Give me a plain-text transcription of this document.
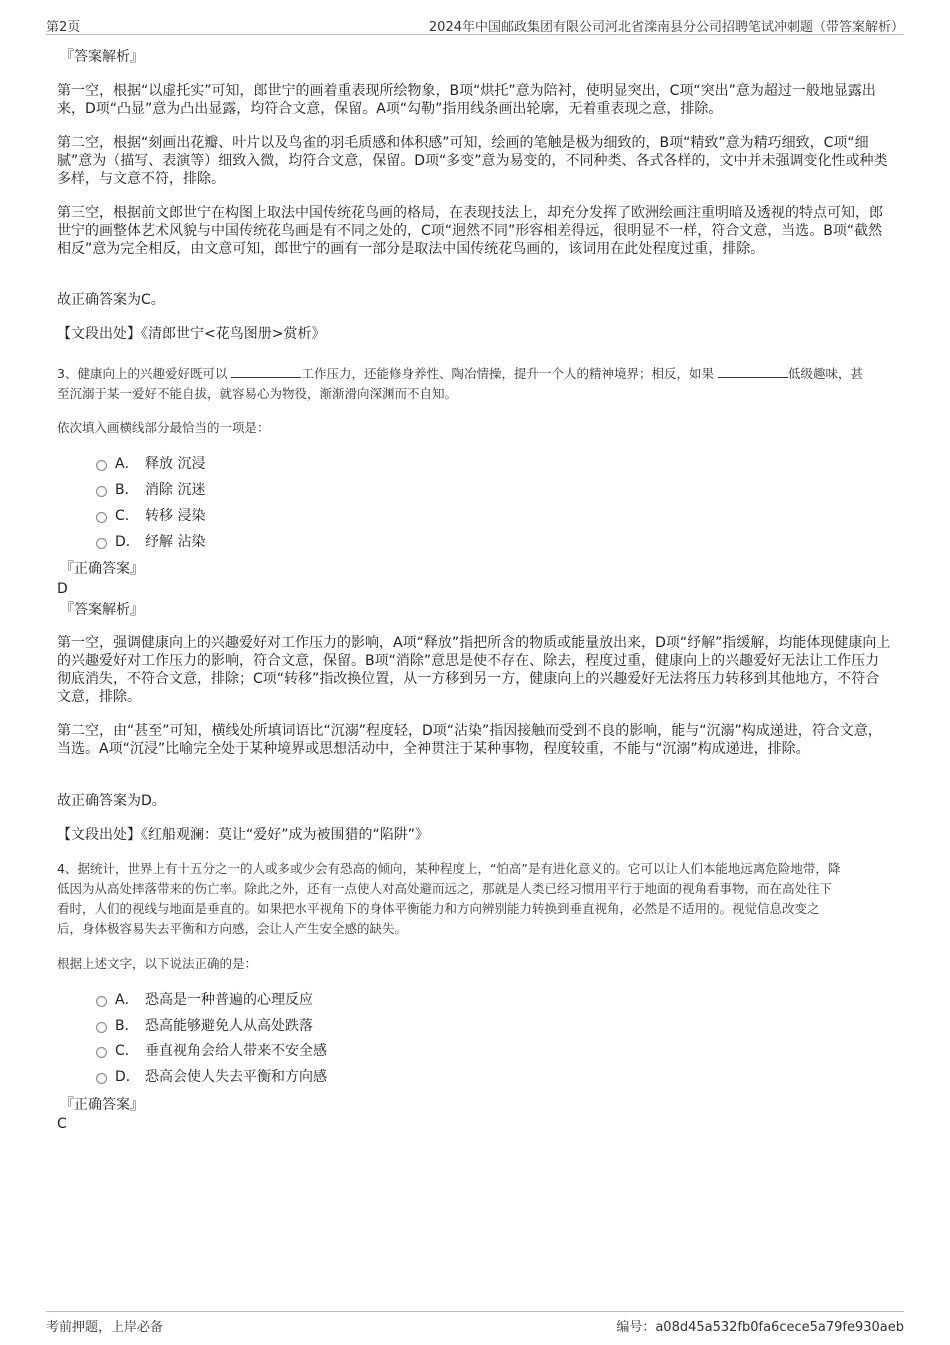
第2页	2024年中国邮政集团有限公司河北省滦南县分公司招聘笔试冲刺题（带答案解析）
『答案解析』

第一空，根据“以虚托实”可知，郎世宁的画着重表现所绘物象，B项“烘托”意为陪衬，使明显突出，C项“突出”意为超过一般地显露出来，D项“凸显”意为凸出显露，均符合文意，保留。A项“勾勒”指用线条画出轮廓，无着重表现之意，排除。

第二空，根据“刻画出花瓣、叶片以及鸟雀的羽毛质感和体积感”可知，绘画的笔触是极为细致的，B项“精致”意为精巧细致，C项“细腻”意为（描写、表演等）细致入微，均符合文意，保留。D项“多变”意为易变的，不同种类、各式各样的，文中并未强调变化性或种类多样，与文意不符，排除。

第三空，根据前文郎世宁在构图上取法中国传统花鸟画的格局，在表现技法上，却充分发挥了欧洲绘画注重明暗及透视的特点可知，郎世宁的画整体艺术风貌与中国传统花鸟画是有不同之处的，C项“迥然不同”形容相差得远，很明显不一样，符合文意，当选。B项“截然相反”意为完全相反，由文意可知，郎世宁的画有一部分是取法中国传统花鸟画的，该词用在此处程度过重，排除。

故正确答案为C。

【文段出处】《清郎世宁<花鸟图册>赏析》

3、健康向上的兴趣爱好既可以	工作压力，还能修身养性、陶冶情操，提升一个人的精神境界；相反，如果	低级趣味，甚
至沉溺于某一爱好不能自拔，就容易心为物役，渐渐滑向深渊而不自知。

依次填入画横线部分最恰当的一项是：

A． 释放 沉浸
B． 消除 沉迷
C． 转移 浸染
D． 纾解 沾染
『正确答案』
D
『答案解析』

第一空，强调健康向上的兴趣爱好对工作压力的影响，A项“释放”指把所含的物质或能量放出来，D项“纾解”指缓解，均能体现健康向上的兴趣爱好对工作压力的影响，符合文意，保留。B项“消除”意思是使不存在、除去，程度过重，健康向上的兴趣爱好无法让工作压力彻底消失，不符合文意，排除；C项“转移”指改换位置，从一方移到另一方，健康向上的兴趣爱好无法将压力转移到其他地方，不符合文意，排除。

第二空，由“甚至”可知，横线处所填词语比“沉溺”程度轻，D项“沾染”指因接触而受到不良的影响，能与“沉溺”构成递进，符合文意，当选。A项“沉浸”比喻完全处于某种境界或思想活动中，全神贯注于某种事物，程度较重，不能与“沉溺”构成递进，排除。

故正确答案为D。

【文段出处】《红船观澜：莫让“爱好”成为被围猎的“陷阱”》

4、据统计，世界上有十五分之一的人或多或少会有恐高的倾向，某种程度上，“怕高”是有进化意义的。它可以让人们本能地远离危险地带，降
低因为从高处摔落带来的伤亡率。除此之外，还有一点使人对高处避而远之，那就是人类已经习惯用平行于地面的视角看事物，而在高处往下
看时，人们的视线与地面是垂直的。如果把水平视角下的身体平衡能力和方向辨别能力转换到垂直视角，必然是不适用的。视觉信息改变之
后，身体极容易失去平衡和方向感，会让人产生安全感的缺失。

根据上述文字，以下说法正确的是：

A． 恐高是一种普遍的心理反应
B． 恐高能够避免人从高处跌落
C． 垂直视角会给人带来不安全感
D． 恐高会使人失去平衡和方向感
『正确答案』
C
考前押题，上岸必备	编号：a08d45a532fb0fa6cece5a79fe930aeb
